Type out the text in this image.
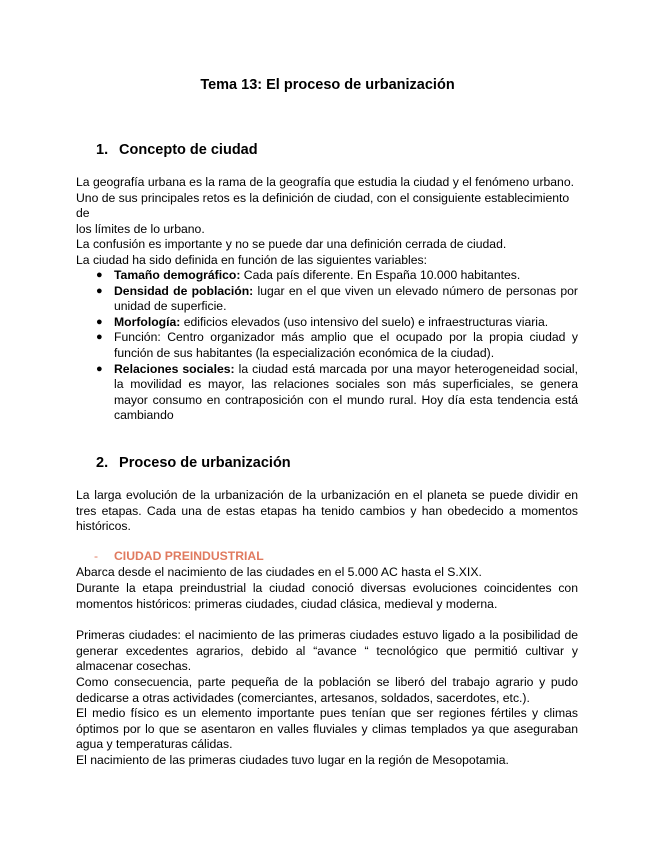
Tema 13: El proceso de urbanización
1. Concepto de ciudad

La geografía urbana es la rama de la geografía que estudia la ciudad y el fenómeno urbano.
Uno de sus principales retos es la definición de ciudad, con el consiguiente establecimiento de
los límites de lo urbano.
La confusión es importante y no se puede dar una definición cerrada de ciudad.

La ciudad ha sido definida en función de las siguientes variables:

● Tamaño demográfico: Cada país diferente. En España 10.000 habitantes.
● Densidad de población: lugar en el que viven un elevado número de personas por unidad de superficie.
● Morfología: edificios elevados (uso intensivo del suelo) e infraestructuras viaria.
● Función: Centro organizador más amplio que el ocupado por la propia ciudad y función de sus habitantes (la especialización económica de la ciudad).
● Relaciones sociales: la ciudad está marcada por una mayor heterogeneidad social, la movilidad es mayor, las relaciones sociales son más superficiales, se genera mayor consumo en contraposición con el mundo rural. Hoy día esta tendencia está cambiando
2. Proceso de urbanización

La larga evolución de la urbanización de la urbanización en el planeta se puede dividir en tres etapas. Cada una de estas etapas ha tenido cambios y han obedecido a momentos históricos.

- CIUDAD PREINDUSTRIAL

Abarca desde el nacimiento de las ciudades en el 5.000 AC hasta el S.XIX.

Durante la etapa preindustrial la ciudad conoció diversas evoluciones coincidentes con momentos históricos: primeras ciudades, ciudad clásica, medieval y moderna.

Primeras ciudades: el nacimiento de las primeras ciudades estuvo ligado a la posibilidad de generar excedentes agrarios, debido al “avance “ tecnológico que permitió cultivar y almacenar cosechas.

Como consecuencia, parte pequeña de la población se liberó del trabajo agrario y pudo dedicarse a otras actividades (comerciantes, artesanos, soldados, sacerdotes, etc.).

El medio físico es un elemento importante pues tenían que ser regiones fértiles y climas óptimos por lo que se asentaron en valles fluviales y climas templados ya que aseguraban agua y temperaturas cálidas.

El nacimiento de las primeras ciudades tuvo lugar en la región de Mesopotamia.
